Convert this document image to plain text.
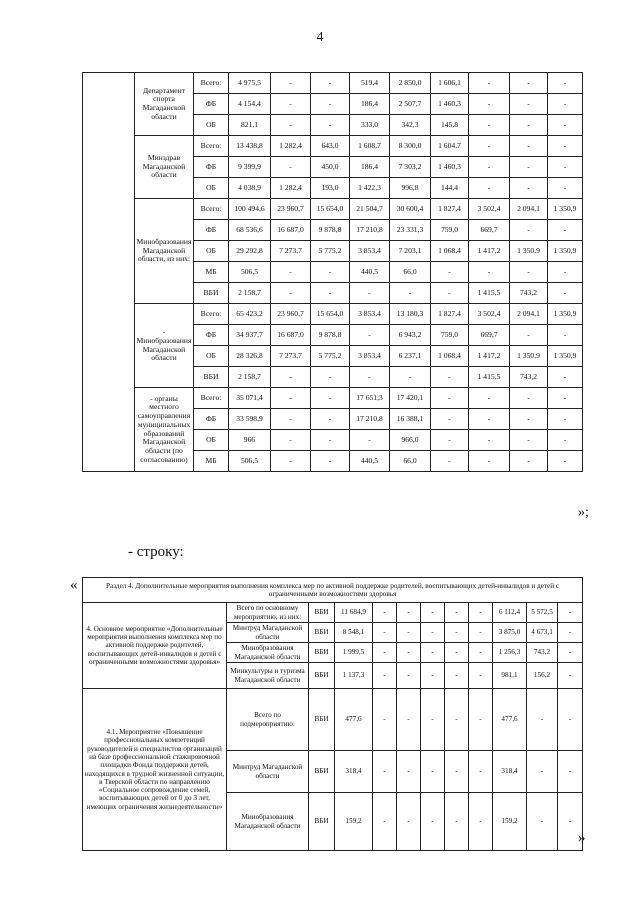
4
	Департамент спорта Магаданской области	Всего:	4 975,5	-	-	519,4	2 850,0	1 606,1	-	-	-
		ФБ	4 154,4	-	-	186,4	2 507,7	1 460,3	-	-	-
		ОБ	821,1	-	-	333,0	342,3	145,8	-	-	-
	Минздрав Магаданской области	Всего:	13 438,8	1 282,4	643,0	1 608,7	8 300,0	1 604,7	-	-	-
		ФБ	9 399,9	-	450,0	186,4	7 303,2	1 460,3	-	-	-
		ОБ	4 038,9	1 282,4	193,0	1 422,3	996,8	144,4	-	-	-
	Минобразования Магаданской области, из них:	Всего:	100 494,6	23 960,7	15 654,0	21 504,7	30 600,4	1 827,4	3 502,4	2 094,1	1 350,9
		ФБ	68 536,6	16 687,0	9 878,8	17 210,8	23 331,3	759,0	669,7	-	-
		ОБ	29 292,8	7 273,7	5 775,2	3 853,4	7 203,1	1 068,4	1 417,2	1 350,9	1 350,9
		МБ	506,5	-	-	440,5	66,0	-	-	-	-
		ВБИ	2 158,7	-	-	-	-	-	1 415,5	743,2	-
	- Минобразования Магаданской области	Всего:	65 423,2	23 960,7	15 654,0	3 853,4	13 180,3	1 827,4	3 502,4	2 094,1	1 350,9
		ФБ	34 937,7	16 687,0	9 878,8	-	6 943,2	759,0	669,7	-	-
		ОБ	28 326,8	7 273,7	5 775,2	3 853,4	6 237,1	1 068,4	1 417,2	1 350,9	1 350,9
		ВБИ	2 158,7	-	-	-	-	-	1 415,5	743,2	-
	- органы местного самоуправления муниципальных образований Магаданской области (по согласованию)	Всего:	35 071,4	-	-	17 651,3	17 420,1	-	-	-	-
		ФБ	33 598,9	-	-	17 210,8	16 388,1	-	-	-	-
		ОБ	966	-	-	-	966,0	-	-	-	-
		МБ	506,5	-	-	440,5	66,0	-	-	-	-
»;
- строку:
«	Раздел 4. Дополнительные мероприятия выполнения комплекса мер по активной поддержке родителей, воспитывающих детей-инвалидов и детей с ограниченными возможностями здоровья											
4. Основное мероприятие «Дополнительные мероприятия выполнения комплекса мер по активной поддержке родителей, воспитывающих детей-инвалидов и детей с ограниченными возможностями здоровья»	Всего по основному мероприятию, из них:	ВБИ	11 684,9	-	-	-	-	-	6 112,4	5 572,5	-
	Минтруд Магаданской области	ВБИ	8 548,1	-	-	-	-	-	3 875,0	4 673,1	-
	Минобразования Магаданской области	ВБИ	1 999,5	-	-	-	-	-	1 256,3	743,2	-
	Минкультуры и туризма Магаданской области	ВБИ	1 137,3	-	-	-	-	-	981,1	156,2	-
4.1. Мероприятие «Повышение профессиональных компетенций руководителей и специалистов организаций на базе профессиональной стажировочной площадки Фонда поддержки детей, находящихся в трудной жизненной ситуации, в Тверской области по направлению «Социальное сопровождение семей, воспитывающих детей от 0 до 3 лет, имеющих ограничения жизнедеятельности»	Всего по подмероприятию:	ВБИ	477,6	-	-	-	-	-	477,6	-	-
	Минтруд Магаданской области	ВБИ	318,4	-	-	-	-	-	318,4	-	-
	Минобразования Магаданской области	ВБИ	159,2	-	-	-	-	-	159,2	-	-
»
